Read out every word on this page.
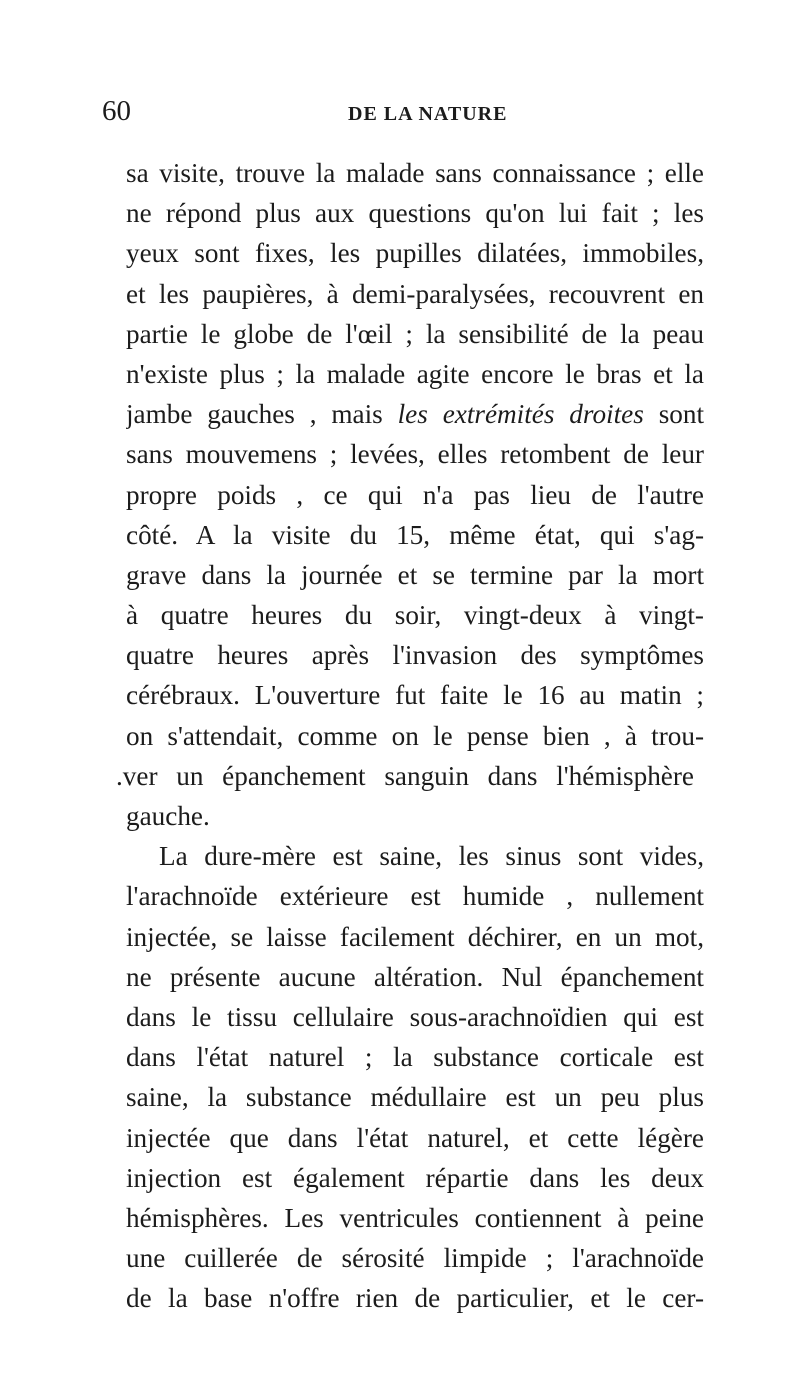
60	DE LA NATURE
sa visite, trouve la malade sans connaissance ; elle
ne répond plus aux questions qu'on lui fait ; les
yeux sont fixes, les pupilles dilatées, immobiles,
et les paupières, à demi-paralysées, recouvrent en
partie le globe de l'œil ; la sensibilité de la peau
n'existe plus ; la malade agite encore le bras et la
jambe gauches , mais les extrémités droites sont
sans mouvemens ; levées, elles retombent de leur
propre poids , ce qui n'a pas lieu de l'autre
côté. A la visite du 15, même état, qui s'ag-
grave dans la journée et se termine par la mort
à quatre heures du soir, vingt-deux à vingt-
quatre heures après l'invasion des symptômes
cérébraux. L'ouverture fut faite le 16 au matin ;
on s'attendait, comme on le pense bien , à trou-
.ver un épanchement sanguin dans l'hémisphère
gauche.
La dure-mère est saine, les sinus sont vides,
l'arachnoïde extérieure est humide , nullement
injectée, se laisse facilement déchirer, en un mot,
ne présente aucune altération. Nul épanchement
dans le tissu cellulaire sous-arachnoïdien qui est
dans l'état naturel ; la substance corticale est
saine, la substance médullaire est un peu plus
injectée que dans l'état naturel, et cette légère
injection est également répartie dans les deux
hémisphères. Les ventricules contiennent à peine
une cuillerée de sérosité limpide ; l'arachnoïde
de la base n'offre rien de particulier, et le cer-
